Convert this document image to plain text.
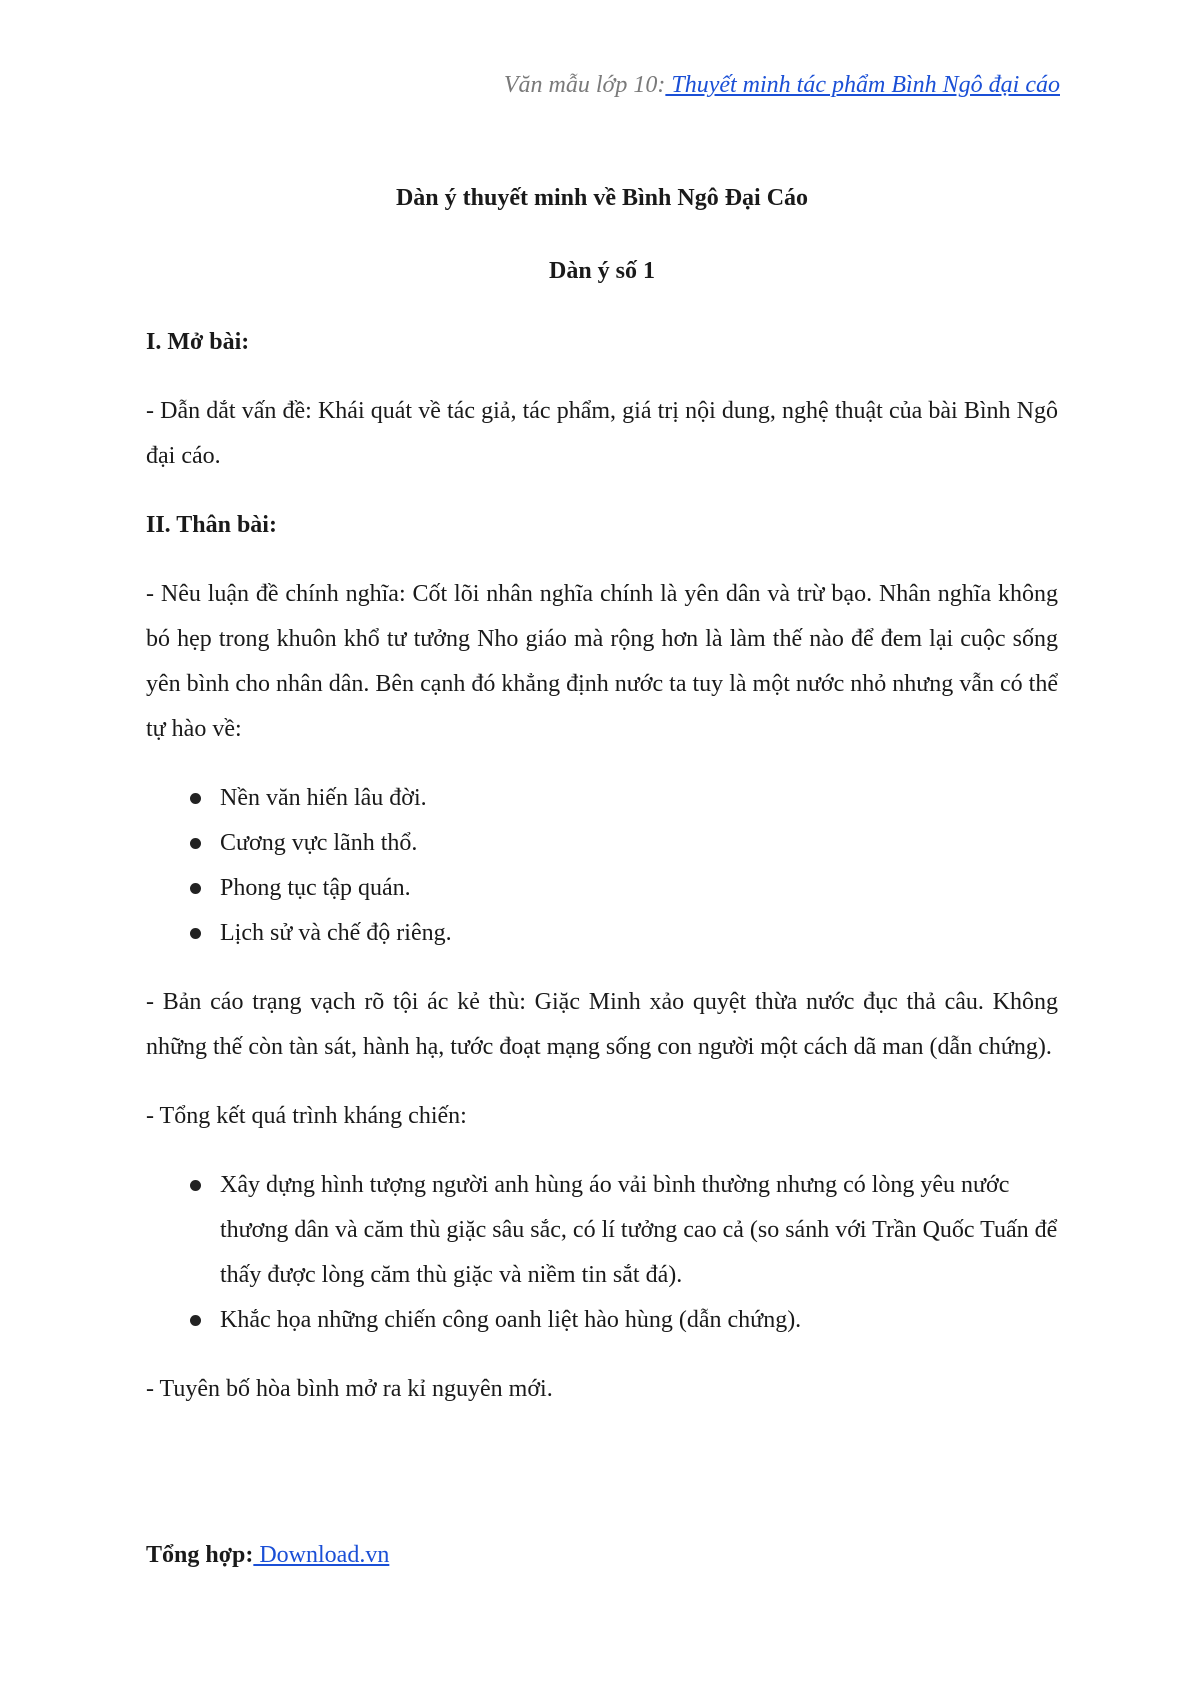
Văn mẫu lớp 10: Thuyết minh tác phẩm Bình Ngô đại cáo

Dàn ý thuyết minh về Bình Ngô Đại Cáo

Dàn ý số 1

I. Mở bài:

- Dẫn dắt vấn đề: Khái quát về tác giả, tác phẩm, giá trị nội dung, nghệ thuật của bài Bình Ngô đại cáo.

II. Thân bài:

- Nêu luận đề chính nghĩa: Cốt lõi nhân nghĩa chính là yên dân và trừ bạo. Nhân nghĩa không bó hẹp trong khuôn khổ tư tưởng Nho giáo mà rộng hơn là làm thế nào để đem lại cuộc sống yên bình cho nhân dân. Bên cạnh đó khẳng định nước ta tuy là một nước nhỏ nhưng vẫn có thể tự hào về:

Nền văn hiến lâu đời.
Cương vực lãnh thổ.
Phong tục tập quán.
Lịch sử và chế độ riêng.

- Bản cáo trạng vạch rõ tội ác kẻ thù: Giặc Minh xảo quyệt thừa nước đục thả câu. Không những thế còn tàn sát, hành hạ, tước đoạt mạng sống con người một cách dã man (dẫn chứng).

- Tổng kết quá trình kháng chiến:

Xây dựng hình tượng người anh hùng áo vải bình thường nhưng có lòng yêu nước thương dân và căm thù giặc sâu sắc, có lí tưởng cao cả (so sánh với Trần Quốc Tuấn để thấy được lòng căm thù giặc và niềm tin sắt đá).
Khắc họa những chiến công oanh liệt hào hùng (dẫn chứng).

- Tuyên bố hòa bình mở ra kỉ nguyên mới.

Tổng hợp: Download.vn
